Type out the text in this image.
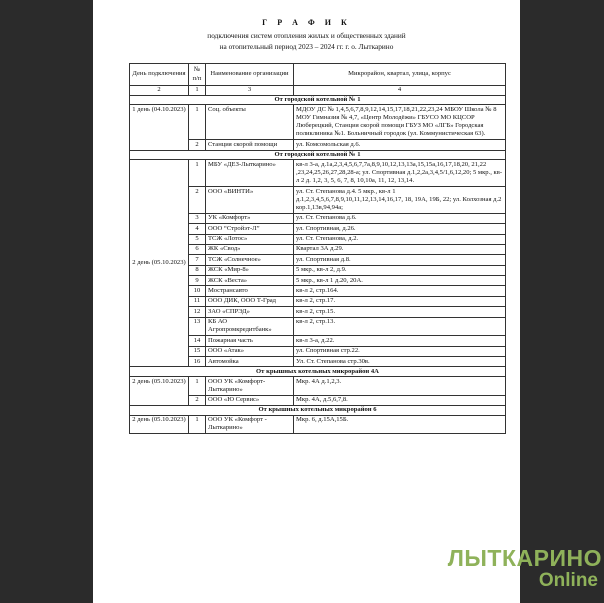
Г Р А Ф И К
подключения систем отопления жилых и общественных зданий
на отопительный период 2023 – 2024 гг. г. о. Лыткарино
День подключения	№ п/п	Наименование организации	Микрорайон, квартал, улица, корпус
2	1	3	4
От городской котельной № 1			
1 день (04.10.2023)	1	Соц. объекты	МДОУ ДС № 1,4,5,6,7,8,9,12,14,15,17,18,21,22,23,24 МБОУ Школа № 8 МОУ Гимназия № 4,7, «Центр Молодёжи» ГБУСО МО КЦСОР Люберецкий, Станция скорой помощи ГБУЗ МО «ЛГБ» Городская поликлиника №1. Больничный городок (ул. Коммунистическая 63).
	2	Станция скорой помощи	ул. Комсомольская д.6.
От городской котельной № 1			
2 день (05.10.2023)	1	МБУ «ДЕЗ-Лыткарино»	кв-л 3-а, д.1а,2,3,4,5,6,7,7а,8,9,10,12,13,13а,15,15а,16,17,18,20, 21,22 ,23,24,25,26,27,28,28-а; ул. Спортивная д.1,2,2а,3,4,5/1,6,12,20; 5 мкр., кв-л 2 д. 1,2, 3, 5, 6, 7, 8, 10,10а, 11, 12, 13,14.
	2	ООО «ВИНТИ»	ул. Ст. Степанова д.4. 5 мкр., кв-л 1 д.1,2,3,4,5,6,7,8,9,10,11,12,13,14,16,17, 18, 19А, 19Б, 22; ул. Колхозная д.2 кор.1,13в,94,94а;
	3	УК «Комфорт»	ул. Ст. Степанова д.6.
	4	ООО “Стройэт-Л”	ул. Спортивная, д.26.
	5	ТСЖ «Лотос»	ул. Ст. Степанова, д.2.
	6	ЖК «Свод»	Квартал 3А д.29.
	7	ТСЖ «Солнечное»	ул. Спортивная д.8.
	8	ЖСК «Мир-8»	5 мкр., кв-л 2, д.9.
	9	ЖСК «Веста»	5 мкр., кв-л 1 д.20, 20А.
	10	Мострансавто	кв-л 2, стр.164.
	11	ООО ДИК, ООО Т-Град	кв-л 2, стр.17.
	12	ЗАО «СПРЭД»	кв-л 2, стр.15.
	13	КБ АО Агропромкредитбанк»	кв-л 2, стр.13.
	14	Пожарная часть	кв-л 3-а, д.22.
	15	ООО «Атак»	ул. Спортивная стр.22.
	16	Автомойка	Ул. Ст. Степанова стр.30в.
От крышных котельных микрорайон 4А			
2 день (05.10.2023)	1	ООО УК «Комфорт-Лыткарино»	Мкр. 4А д.1,2,3.
	2	ООО «Ю Сервис»	Мкр. 4А, д.5,6,7,8.
От крышных котельных микрорайон 6			
2 день (05.10.2023)	1	ООО УК «Комфорт - Лыткарино»	Мкр. 6, д.15А,15Б.
ЛЫТКАРИНО
Online
